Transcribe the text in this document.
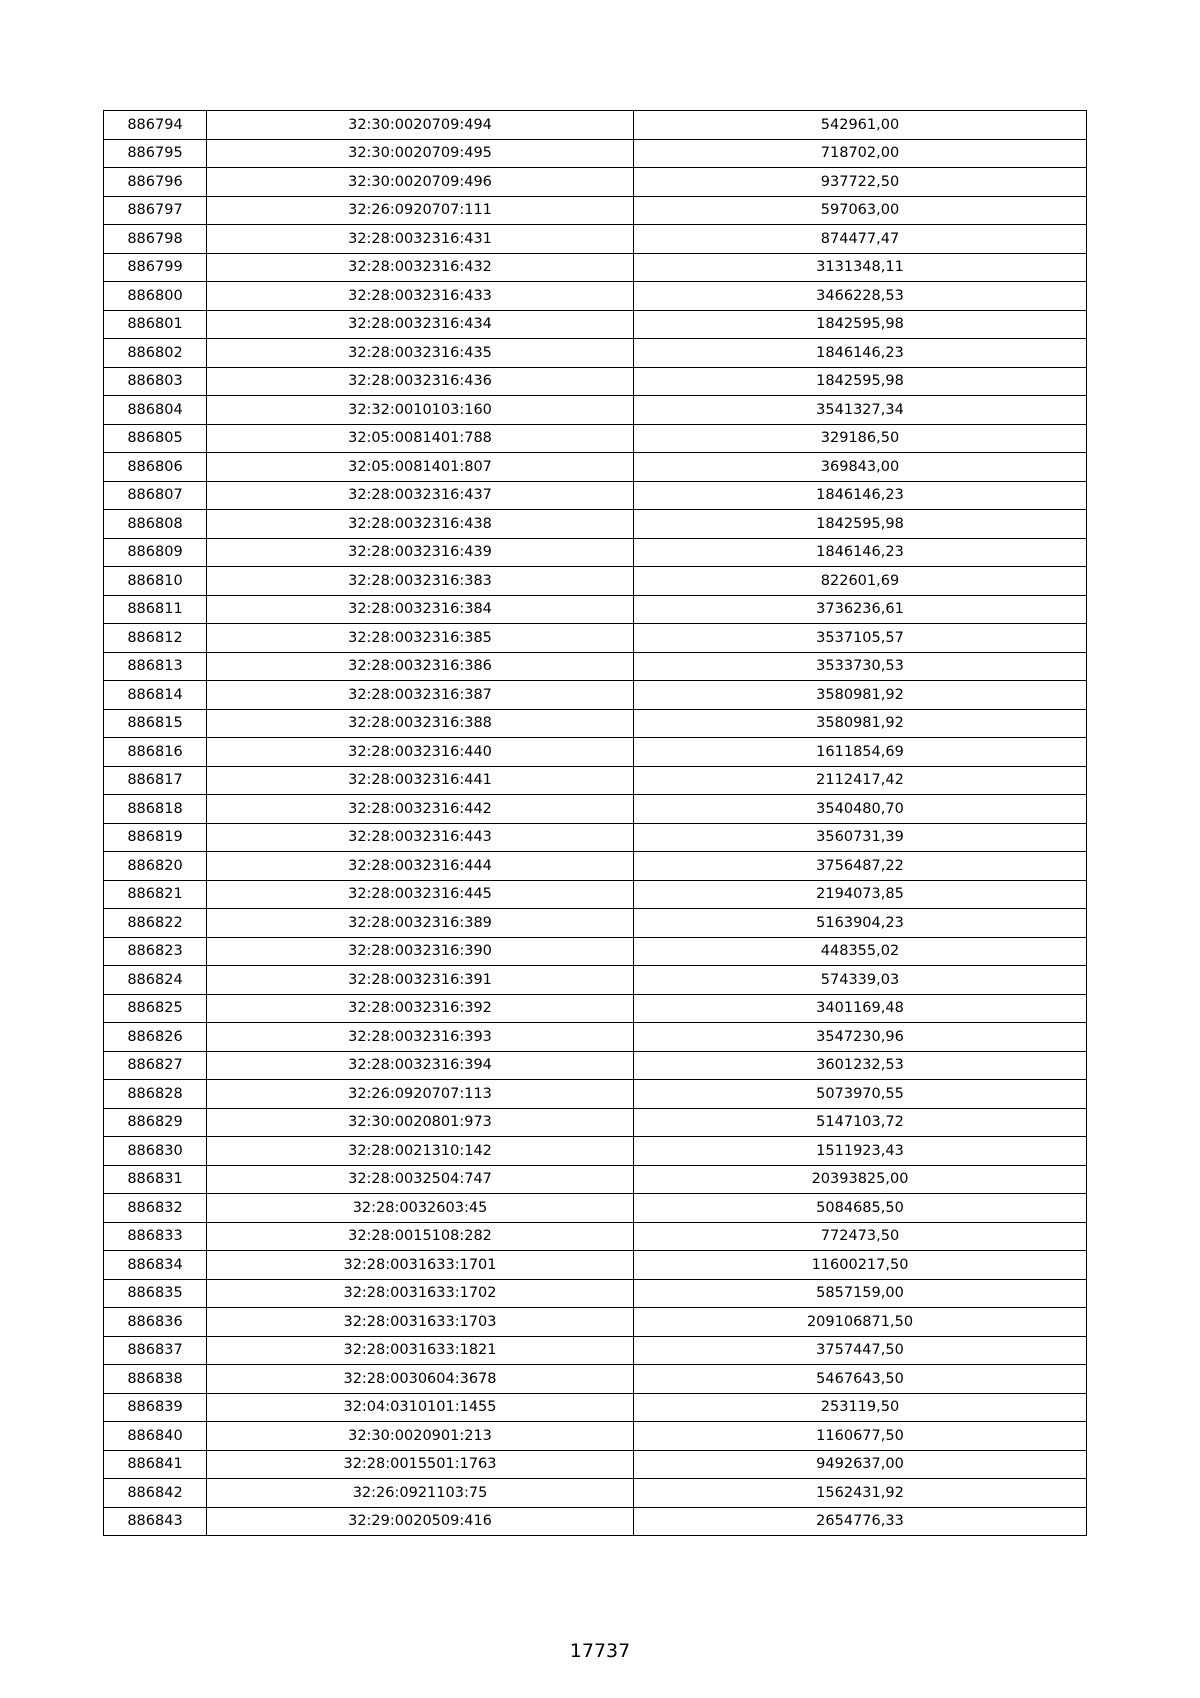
886794	32:30:0020709:494	542961,00
886795	32:30:0020709:495	718702,00
886796	32:30:0020709:496	937722,50
886797	32:26:0920707:111	597063,00
886798	32:28:0032316:431	874477,47
886799	32:28:0032316:432	3131348,11
886800	32:28:0032316:433	3466228,53
886801	32:28:0032316:434	1842595,98
886802	32:28:0032316:435	1846146,23
886803	32:28:0032316:436	1842595,98
886804	32:32:0010103:160	3541327,34
886805	32:05:0081401:788	329186,50
886806	32:05:0081401:807	369843,00
886807	32:28:0032316:437	1846146,23
886808	32:28:0032316:438	1842595,98
886809	32:28:0032316:439	1846146,23
886810	32:28:0032316:383	822601,69
886811	32:28:0032316:384	3736236,61
886812	32:28:0032316:385	3537105,57
886813	32:28:0032316:386	3533730,53
886814	32:28:0032316:387	3580981,92
886815	32:28:0032316:388	3580981,92
886816	32:28:0032316:440	1611854,69
886817	32:28:0032316:441	2112417,42
886818	32:28:0032316:442	3540480,70
886819	32:28:0032316:443	3560731,39
886820	32:28:0032316:444	3756487,22
886821	32:28:0032316:445	2194073,85
886822	32:28:0032316:389	5163904,23
886823	32:28:0032316:390	448355,02
886824	32:28:0032316:391	574339,03
886825	32:28:0032316:392	3401169,48
886826	32:28:0032316:393	3547230,96
886827	32:28:0032316:394	3601232,53
886828	32:26:0920707:113	5073970,55
886829	32:30:0020801:973	5147103,72
886830	32:28:0021310:142	1511923,43
886831	32:28:0032504:747	20393825,00
886832	32:28:0032603:45	5084685,50
886833	32:28:0015108:282	772473,50
886834	32:28:0031633:1701	11600217,50
886835	32:28:0031633:1702	5857159,00
886836	32:28:0031633:1703	209106871,50
886837	32:28:0031633:1821	3757447,50
886838	32:28:0030604:3678	5467643,50
886839	32:04:0310101:1455	253119,50
886840	32:30:0020901:213	1160677,50
886841	32:28:0015501:1763	9492637,00
886842	32:26:0921103:75	1562431,92
886843	32:29:0020509:416	2654776,33
17737
